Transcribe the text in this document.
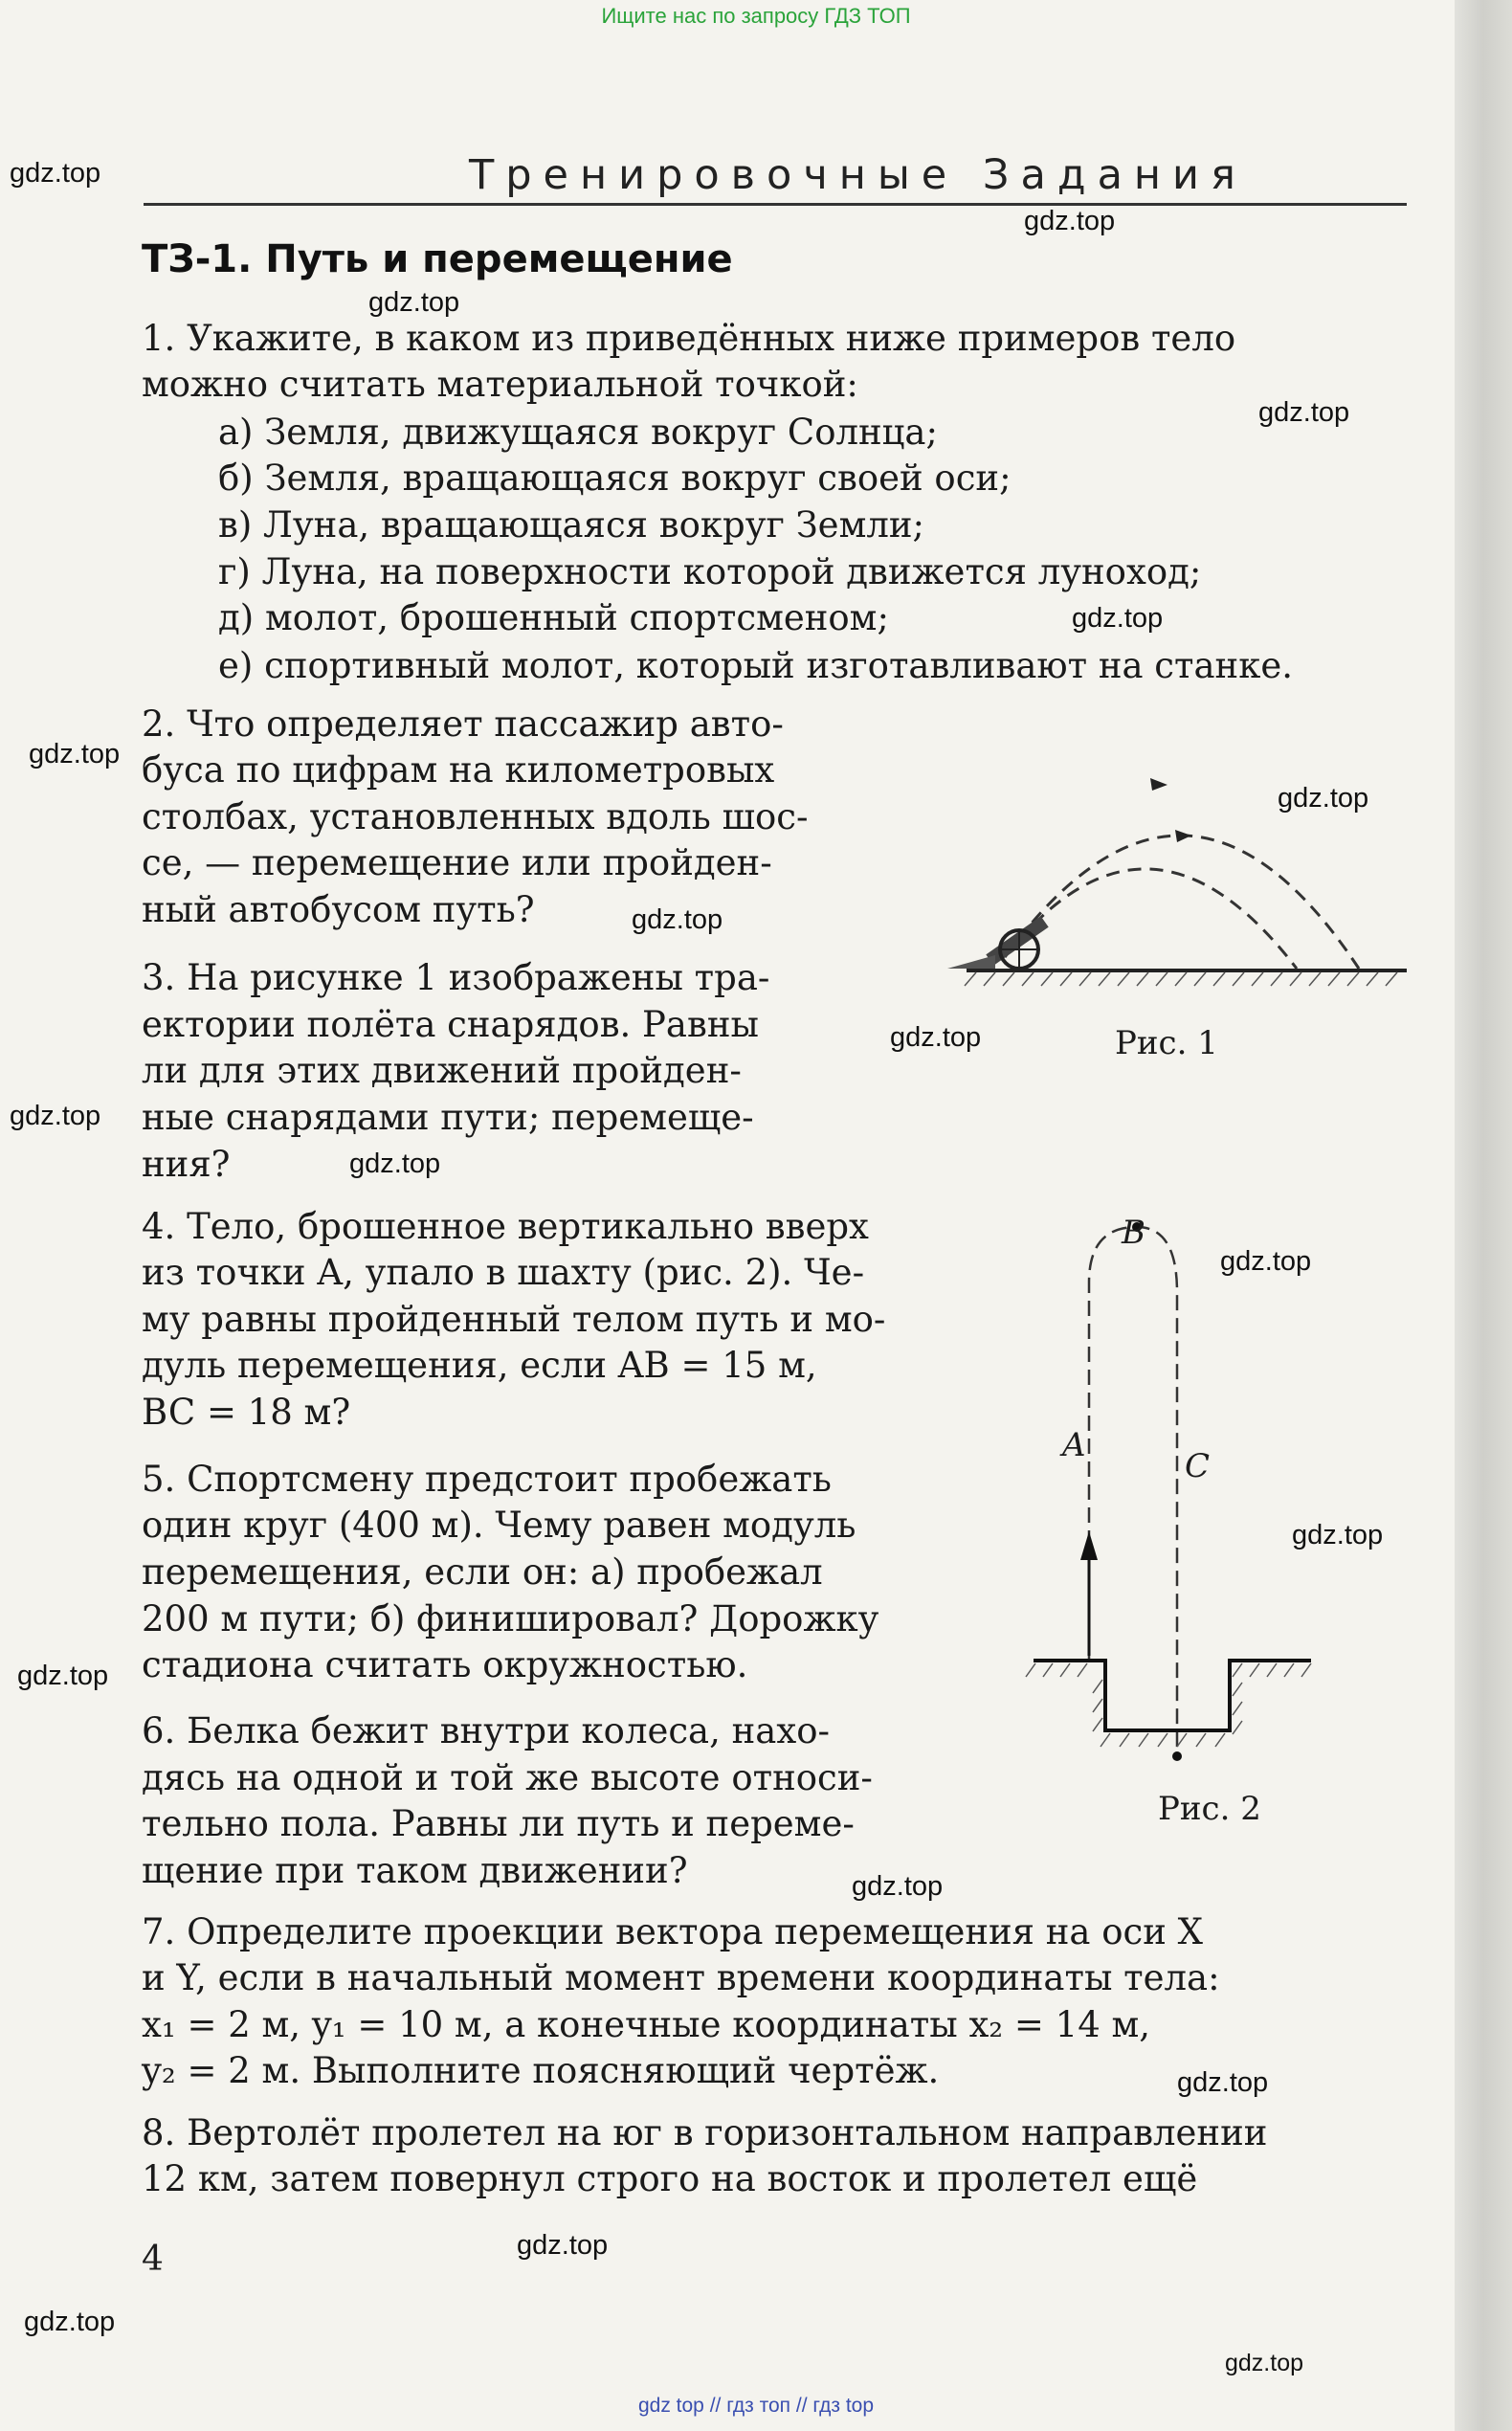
Ищите нас по запросу ГДЗ ТОП
gdz.top
gdz.top
gdz.top
gdz.top
gdz.top
gdz.top
gdz.top
gdz.top
gdz.top
gdz.top
gdz.top
gdz.top
gdz.top
gdz.top
gdz.top
gdz.top
gdz.top
gdz.top
gdz.top
Тренировочные Задания
ТЗ-1. Путь и перемещение
1. Укажите, в каком из приведённых ниже примеров тело
можно считать материальной точкой:
а) Земля, движущаяся вокруг Солнца;
б) Земля, вращающаяся вокруг своей оси;
в) Луна, вращающаяся вокруг Земли;
г) Луна, на поверхности которой движется луноход;
д) молот, брошенный спортсменом;
е) спортивный молот, который изготавливают на станке.
2. Что определяет пассажир авто-
буса по цифрам на километровых
столбах, установленных вдоль шос-
се, — перемещение или пройден-
ный автобусом путь?
3. На рисунке 1 изображены тра-
ектории полёта снарядов. Равны
ли для этих движений пройден-
ные снарядами пути; перемеще-
ния?
4. Тело, брошенное вертикально вверх
из точки A, упало в шахту (рис. 2). Че-
му равны пройденный телом путь и мо-
дуль перемещения, если AB = 15 м,
BC = 18 м?
5. Спортсмену предстоит пробежать
один круг (400 м). Чему равен модуль
перемещения, если он: а) пробежал
200 м пути; б) финишировал? Дорожку
стадиона считать окружностью.
6. Белка бежит внутри колеса, нахо-
дясь на одной и той же высоте относи-
тельно пола. Равны ли путь и переме-
щение при таком движении?
7. Определите проекции вектора перемещения на оси X
и Y, если в начальный момент времени координаты тела:
x₁ = 2 м, y₁ = 10 м, а конечные координаты x₂ = 14 м,
y₂ = 2 м. Выполните поясняющий чертёж.
8. Вертолёт пролетел на юг в горизонтальном направлении
12 км, затем повернул строго на восток и пролетел ещё
4
Рис. 1
A
B
C
Рис. 2
gdz top // гдз топ // гдз top
